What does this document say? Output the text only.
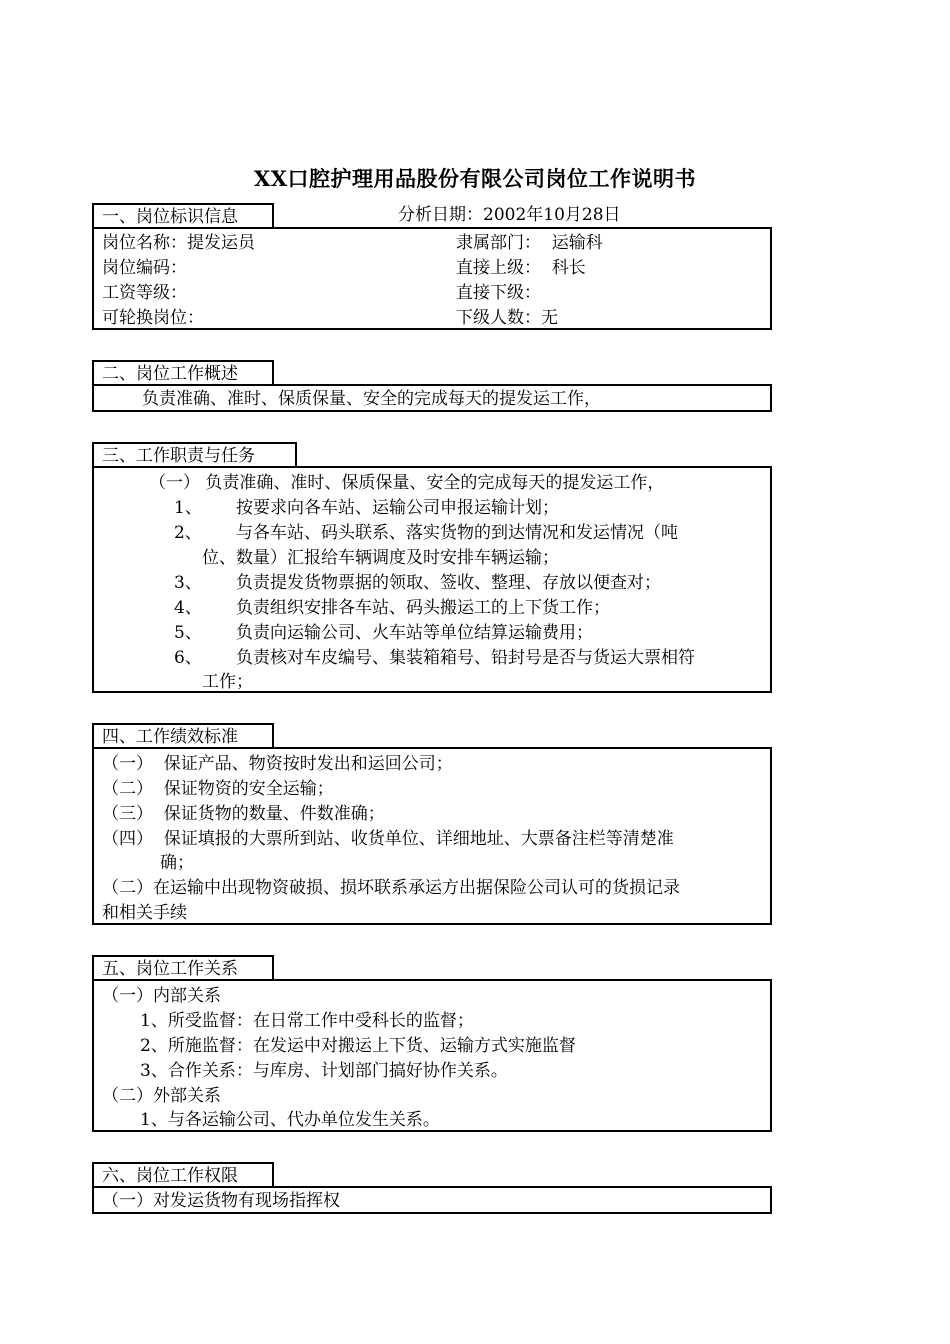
XX口腔护理用品股份有限公司岗位工作说明书
一、岗位标识信息	分析日期：2002年10月28日
岗位名称：提发运员
岗位编码：
工资等级：
可轮换岗位：
隶属部门：  运输科
直接上级：  科长
直接下级：
下级人数：无
二、岗位工作概述
负责准确、准时、保质保量、安全的完成每天的提发运工作，
三、工作职责与任务
（一） 负责准确、准时、保质保量、安全的完成每天的提发运工作，
1、 按要求向各车站、运输公司申报运输计划；
2、 与各车站、码头联系、落实货物的到达情况和发运情况（吨
位、数量）汇报给车辆调度及时安排车辆运输；
3、 负责提发货物票据的领取、签收、整理、存放以便查对；
4、 负责组织安排各车站、码头搬运工的上下货工作；
5、 负责向运输公司、火车站等单位结算运输费用；
6、 负责核对车皮编号、集装箱箱号、铅封号是否与货运大票相符
工作；
四、工作绩效标准
（一）  保证产品、物资按时发出和运回公司；
（二）  保证物资的安全运输；
（三）  保证货物的数量、件数准确；
（四）  保证填报的大票所到站、收货单位、详细地址、大票备注栏等清楚准
确；
（二）在运输中出现物资破损、损坏联系承运方出据保险公司认可的货损记录
和相关手续
五、岗位工作关系
（一）内部关系
1、所受监督：在日常工作中受科长的监督；
2、所施监督：在发运中对搬运上下货、运输方式实施监督
3、合作关系：与库房、计划部门搞好协作关系。
（二）外部关系
1、与各运输公司、代办单位发生关系。
六、岗位工作权限
（一）对发运货物有现场指挥权
